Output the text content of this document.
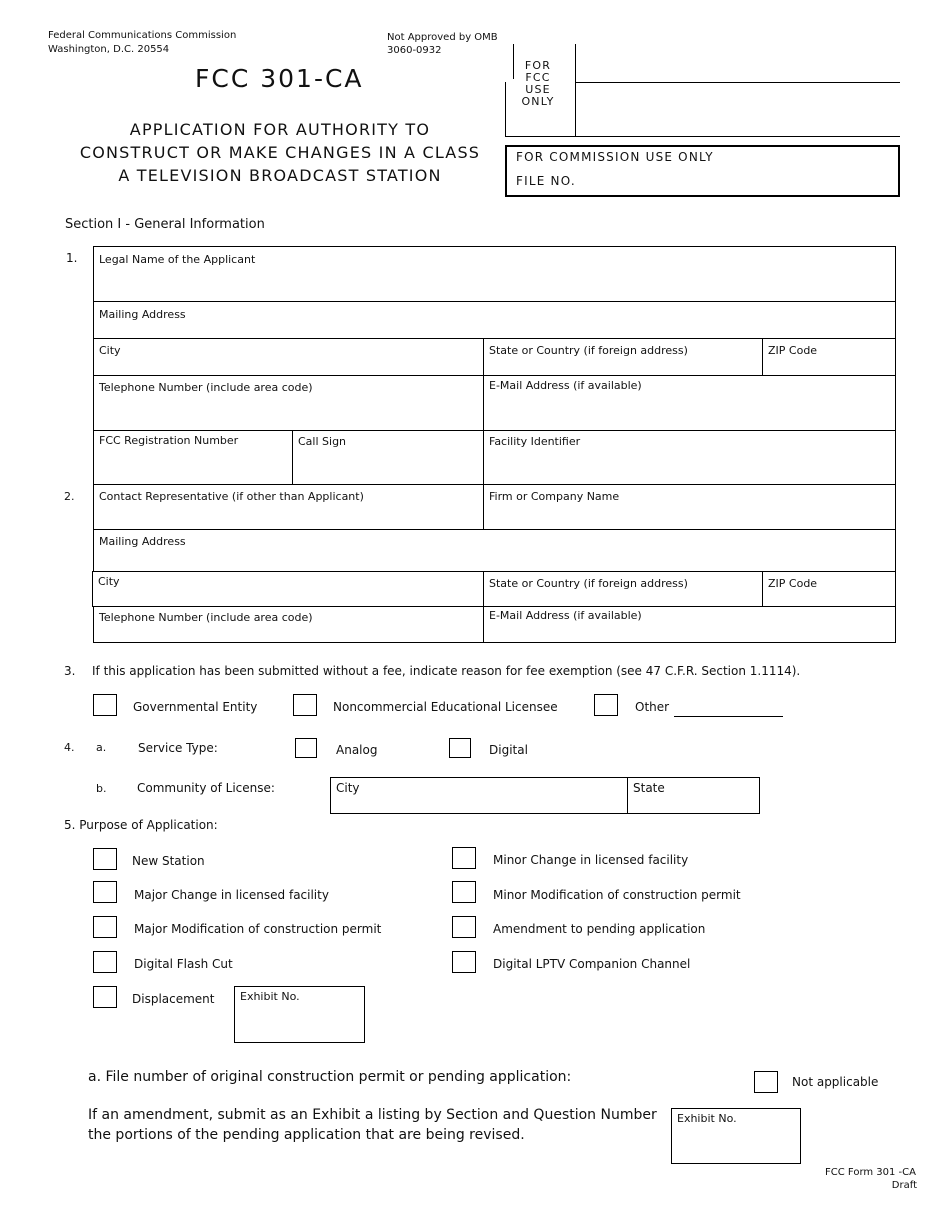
Federal Communications Commission
Washington, D.C. 20554
Not Approved by OMB
3060-0932
FCC 301-CA
APPLICATION FOR AUTHORITY TO
CONSTRUCT OR MAKE CHANGES IN A CLASS
A TELEVISION BROADCAST STATION
FOR
FCC
USE
ONLY
FOR COMMISSION USE ONLY
FILE NO.
Section I - General Information
1. Legal Name of the Applicant
Mailing Address
City	State or Country (if foreign address)	ZIP Code
Telephone Number (include area code)	E-Mail Address (if available)
FCC Registration Number	Call Sign	Facility Identifier
2. Contact Representative (if other than Applicant)	Firm or Company Name
Mailing Address
City	State or Country (if foreign address)	ZIP Code
Telephone Number (include area code)	E-Mail Address (if available)
3. If this application has been submitted without a fee, indicate reason for fee exemption (see 47 C.F.R. Section 1.1114).
Governmental Entity	Noncommercial Educational Licensee	Other
4. a.	Service Type:	Analog	Digital
b.	Community of License:	City	State
5. Purpose of Application:
New Station
Major Change in licensed facility
Major Modification of construction permit
Digital Flash Cut
Displacement Exhibit No.
Minor Change in licensed facility
Minor Modification of construction permit
Amendment to pending application
Digital LPTV Companion Channel
a. File number of original construction permit or pending application:	Not applicable
If an amendment, submit as an Exhibit a listing by Section and Question Number
the portions of the pending application that are being revised.
Exhibit No.
FCC Form 301 -CA
Draft
